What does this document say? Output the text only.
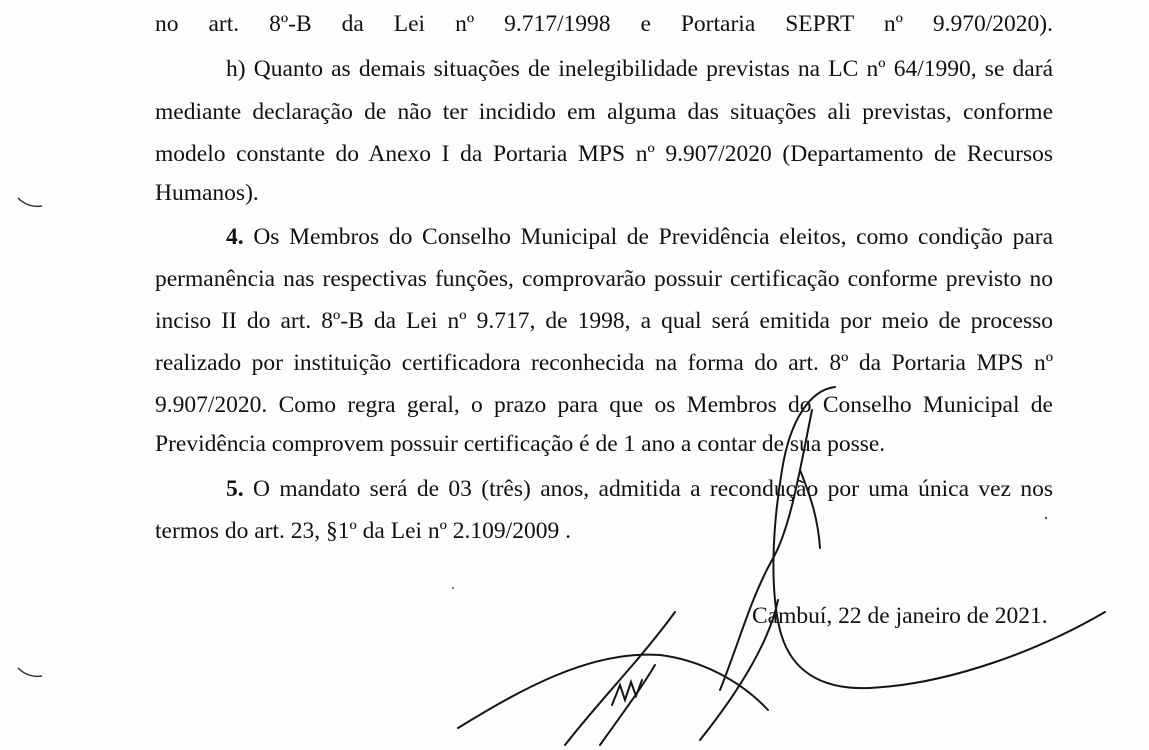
no art. 8º-B da Lei nº 9.717/1998 e Portaria SEPRT nº 9.970/2020).
h) Quanto as demais situações de inelegibilidade previstas na LC nº 64/1990, se dará
mediante declaração de não ter incidido em alguma das situações ali previstas, conforme
modelo constante do Anexo I da Portaria MPS nº 9.907/2020 (Departamento de Recursos
Humanos).
4. Os Membros do Conselho Municipal de Previdência eleitos, como condição para
permanência nas respectivas funções, comprovarão possuir certificação conforme previsto no
inciso II do art. 8º-B da Lei nº 9.717, de 1998, a qual será emitida por meio de processo
realizado por instituição certificadora reconhecida na forma do art. 8º da Portaria MPS nº
9.907/2020. Como regra geral, o prazo para que os Membros do Conselho Municipal de
Previdência comprovem possuir certificação é de 1 ano a contar de sua posse.
5. O mandato será de 03 (três) anos, admitida a recondução por uma única vez nos
termos do art. 23, §1º da Lei nº 2.109/2009 .
Cambuí, 22 de janeiro de 2021.
